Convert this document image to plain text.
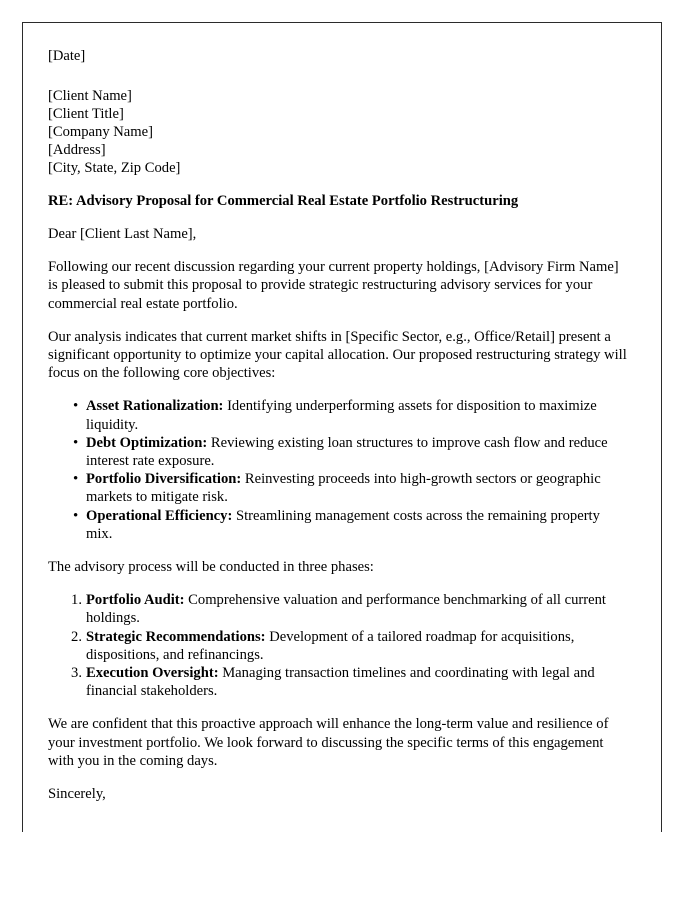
[Date]
[Client Name]
[Client Title]
[Company Name]
[Address]
[City, State, Zip Code]
RE: Advisory Proposal for Commercial Real Estate Portfolio Restructuring

Dear [Client Last Name],

Following our recent discussion regarding your current property holdings, [Advisory Firm Name] is pleased to submit this proposal to provide strategic restructuring advisory services for your commercial real estate portfolio.

Our analysis indicates that current market shifts in [Specific Sector, e.g., Office/Retail] present a significant opportunity to optimize your capital allocation. Our proposed restructuring strategy will focus on the following core objectives:

• Asset Rationalization: Identifying underperforming assets for disposition to maximize liquidity.
• Debt Optimization: Reviewing existing loan structures to improve cash flow and reduce interest rate exposure.
• Portfolio Diversification: Reinvesting proceeds into high-growth sectors or geographic markets to mitigate risk.
• Operational Efficiency: Streamlining management costs across the remaining property mix.

The advisory process will be conducted in three phases:

Portfolio Audit: Comprehensive valuation and performance benchmarking of all current holdings.
Strategic Recommendations: Development of a tailored roadmap for acquisitions, dispositions, and refinancings.
Execution Oversight: Managing transaction timelines and coordinating with legal and financial stakeholders.

We are confident that this proactive approach will enhance the long-term value and resilience of your investment portfolio. We look forward to discussing the specific terms of this engagement with you in the coming days.

Sincerely,
